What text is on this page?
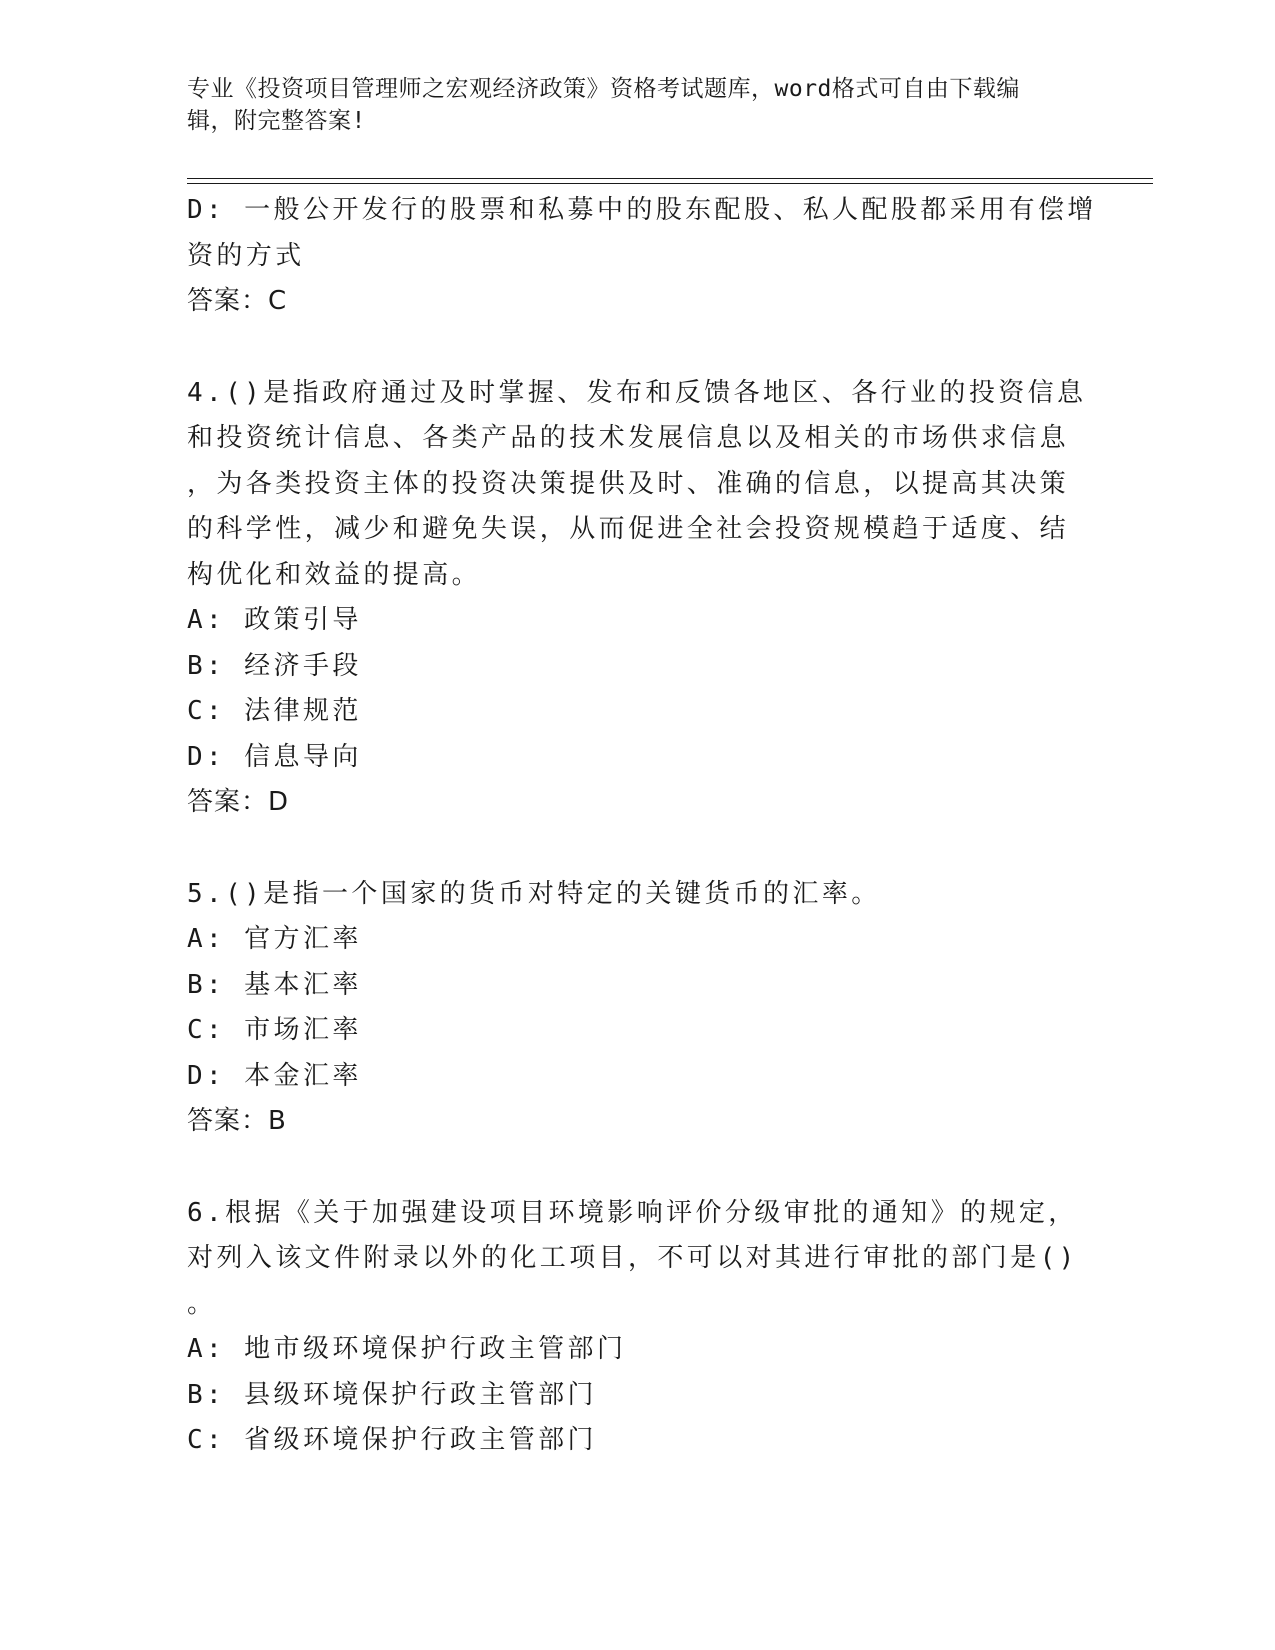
专业《投资项目管理师之宏观经济政策》资格考试题库，word格式可自由下载编
辑，附完整答案!
D: 一般公开发行的股票和私募中的股东配股、私人配股都采用有偿增
资的方式
答案：C
4.()是指政府通过及时掌握、发布和反馈各地区、各行业的投资信息
和投资统计信息、各类产品的技术发展信息以及相关的市场供求信息
，为各类投资主体的投资决策提供及时、准确的信息，以提高其决策
的科学性，减少和避免失误，从而促进全社会投资规模趋于适度、结
构优化和效益的提高。
A: 政策引导
B: 经济手段
C: 法律规范
D: 信息导向
答案：D
5.()是指一个国家的货币对特定的关键货币的汇率。
A: 官方汇率
B: 基本汇率
C: 市场汇率
D: 本金汇率
答案：B
6.根据《关于加强建设项目环境影响评价分级审批的通知》的规定，
对列入该文件附录以外的化工项目，不可以对其进行审批的部门是()
。
A: 地市级环境保护行政主管部门
B: 县级环境保护行政主管部门
C: 省级环境保护行政主管部门
